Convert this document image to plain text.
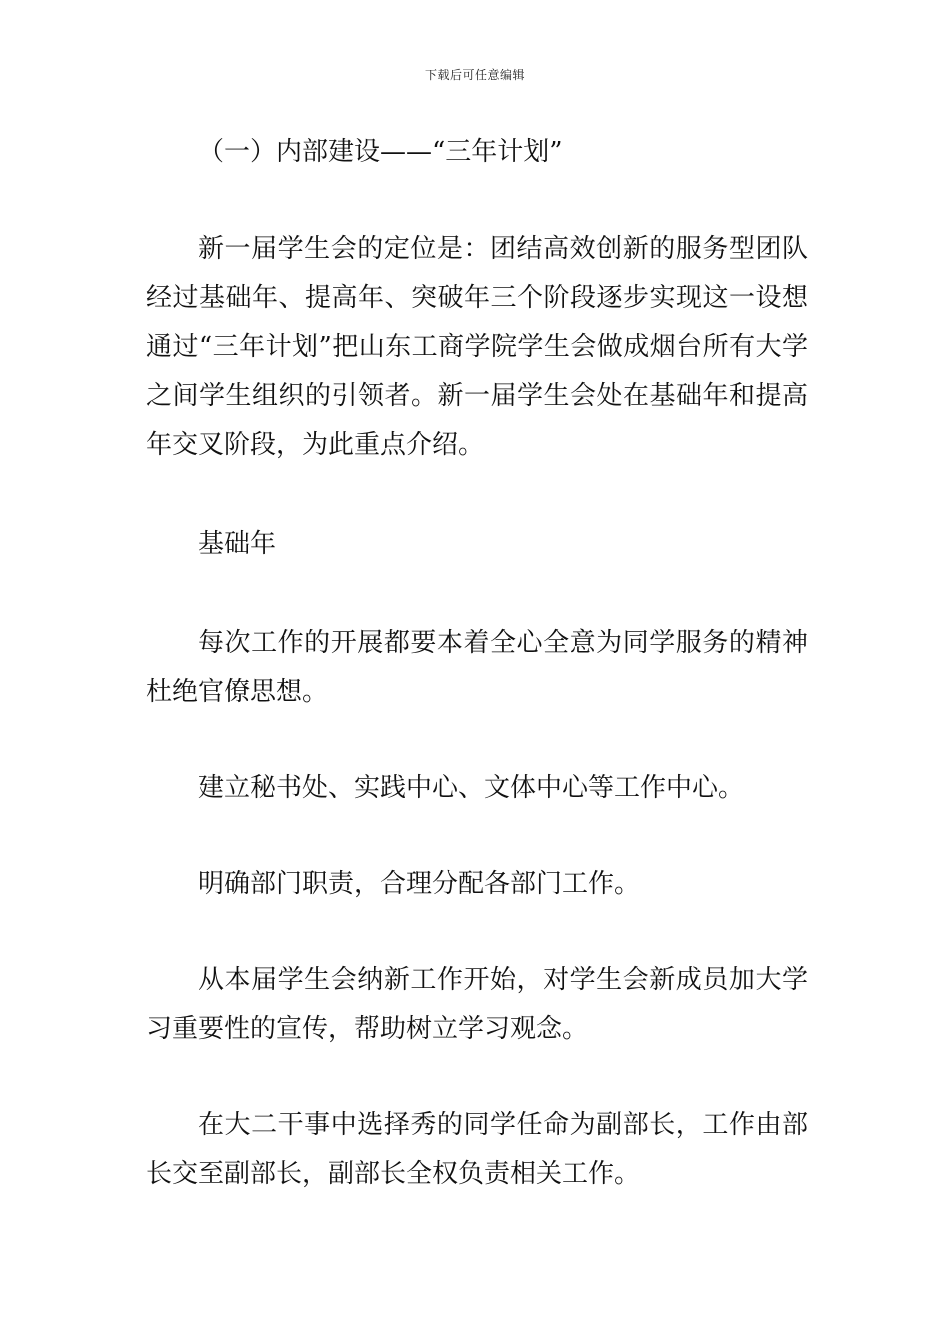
下载后可任意编辑

（一）内部建设——“三年计划”

新一届学生会的定位是：团结高效创新的服务型团队经过基础年、提高年、突破年三个阶段逐步实现这一设想通过“三年计划”把山东工商学院学生会做成烟台所有大学之间学生组织的引领者。新一届学生会处在基础年和提高年交叉阶段，为此重点介绍。

基础年

每次工作的开展都要本着全心全意为同学服务的精神杜绝官僚思想。

建立秘书处、实践中心、文体中心等工作中心。

明确部门职责，合理分配各部门工作。

从本届学生会纳新工作开始，对学生会新成员加大学习重要性的宣传，帮助树立学习观念。

在大二干事中选择秀的同学任命为副部长，工作由部长交至副部长，副部长全权负责相关工作。
